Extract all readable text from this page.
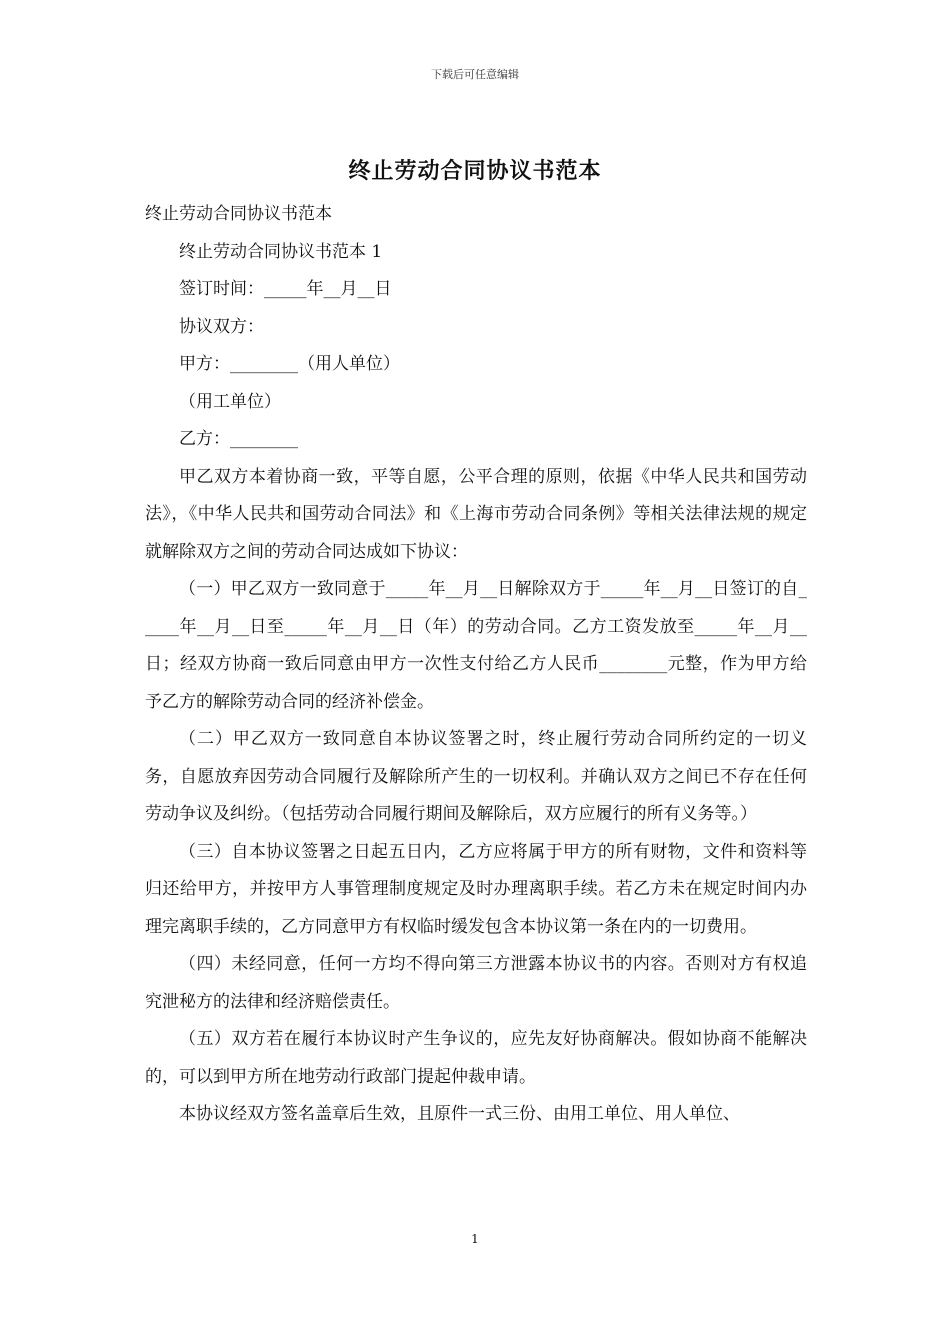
下载后可任意编辑
终止劳动合同协议书范本

终止劳动合同协议书范本

终止劳动合同协议书范本 1

签订时间：_____年__月__日

协议双方：

甲方：________（用人单位）

（用工单位）

乙方：________

甲乙双方本着协商一致，平等自愿，公平合理的原则，依据《中华人民共和国劳动法》，《中华人民共和国劳动合同法》和《上海市劳动合同条例》等相关法律法规的规定就解除双方之间的劳动合同达成如下协议：

（一）甲乙双方一致同意于_____年__月__日解除双方于_____年__月__日签订的自_____年__月__日至_____年__月__日（年）的劳动合同。乙方工资发放至_____年__月__日；经双方协商一致后同意由甲方一次性支付给乙方人民币________元整，作为甲方给予乙方的解除劳动合同的经济补偿金。

（二）甲乙双方一致同意自本协议签署之时，终止履行劳动合同所约定的一切义务，自愿放弃因劳动合同履行及解除所产生的一切权利。并确认双方之间已不存在任何劳动争议及纠纷。（包括劳动合同履行期间及解除后，双方应履行的所有义务等。）

（三）自本协议签署之日起五日内，乙方应将属于甲方的所有财物，文件和资料等归还给甲方，并按甲方人事管理制度规定及时办理离职手续。若乙方未在规定时间内办理完离职手续的，乙方同意甲方有权临时缓发包含本协议第一条在内的一切费用。

（四）未经同意，任何一方均不得向第三方泄露本协议书的内容。否则对方有权追究泄秘方的法律和经济赔偿责任。

（五）双方若在履行本协议时产生争议的，应先友好协商解决。假如协商不能解决的，可以到甲方所在地劳动行政部门提起仲裁申请。

本协议经双方签名盖章后生效，且原件一式三份、由用工单位、用人单位、

1
